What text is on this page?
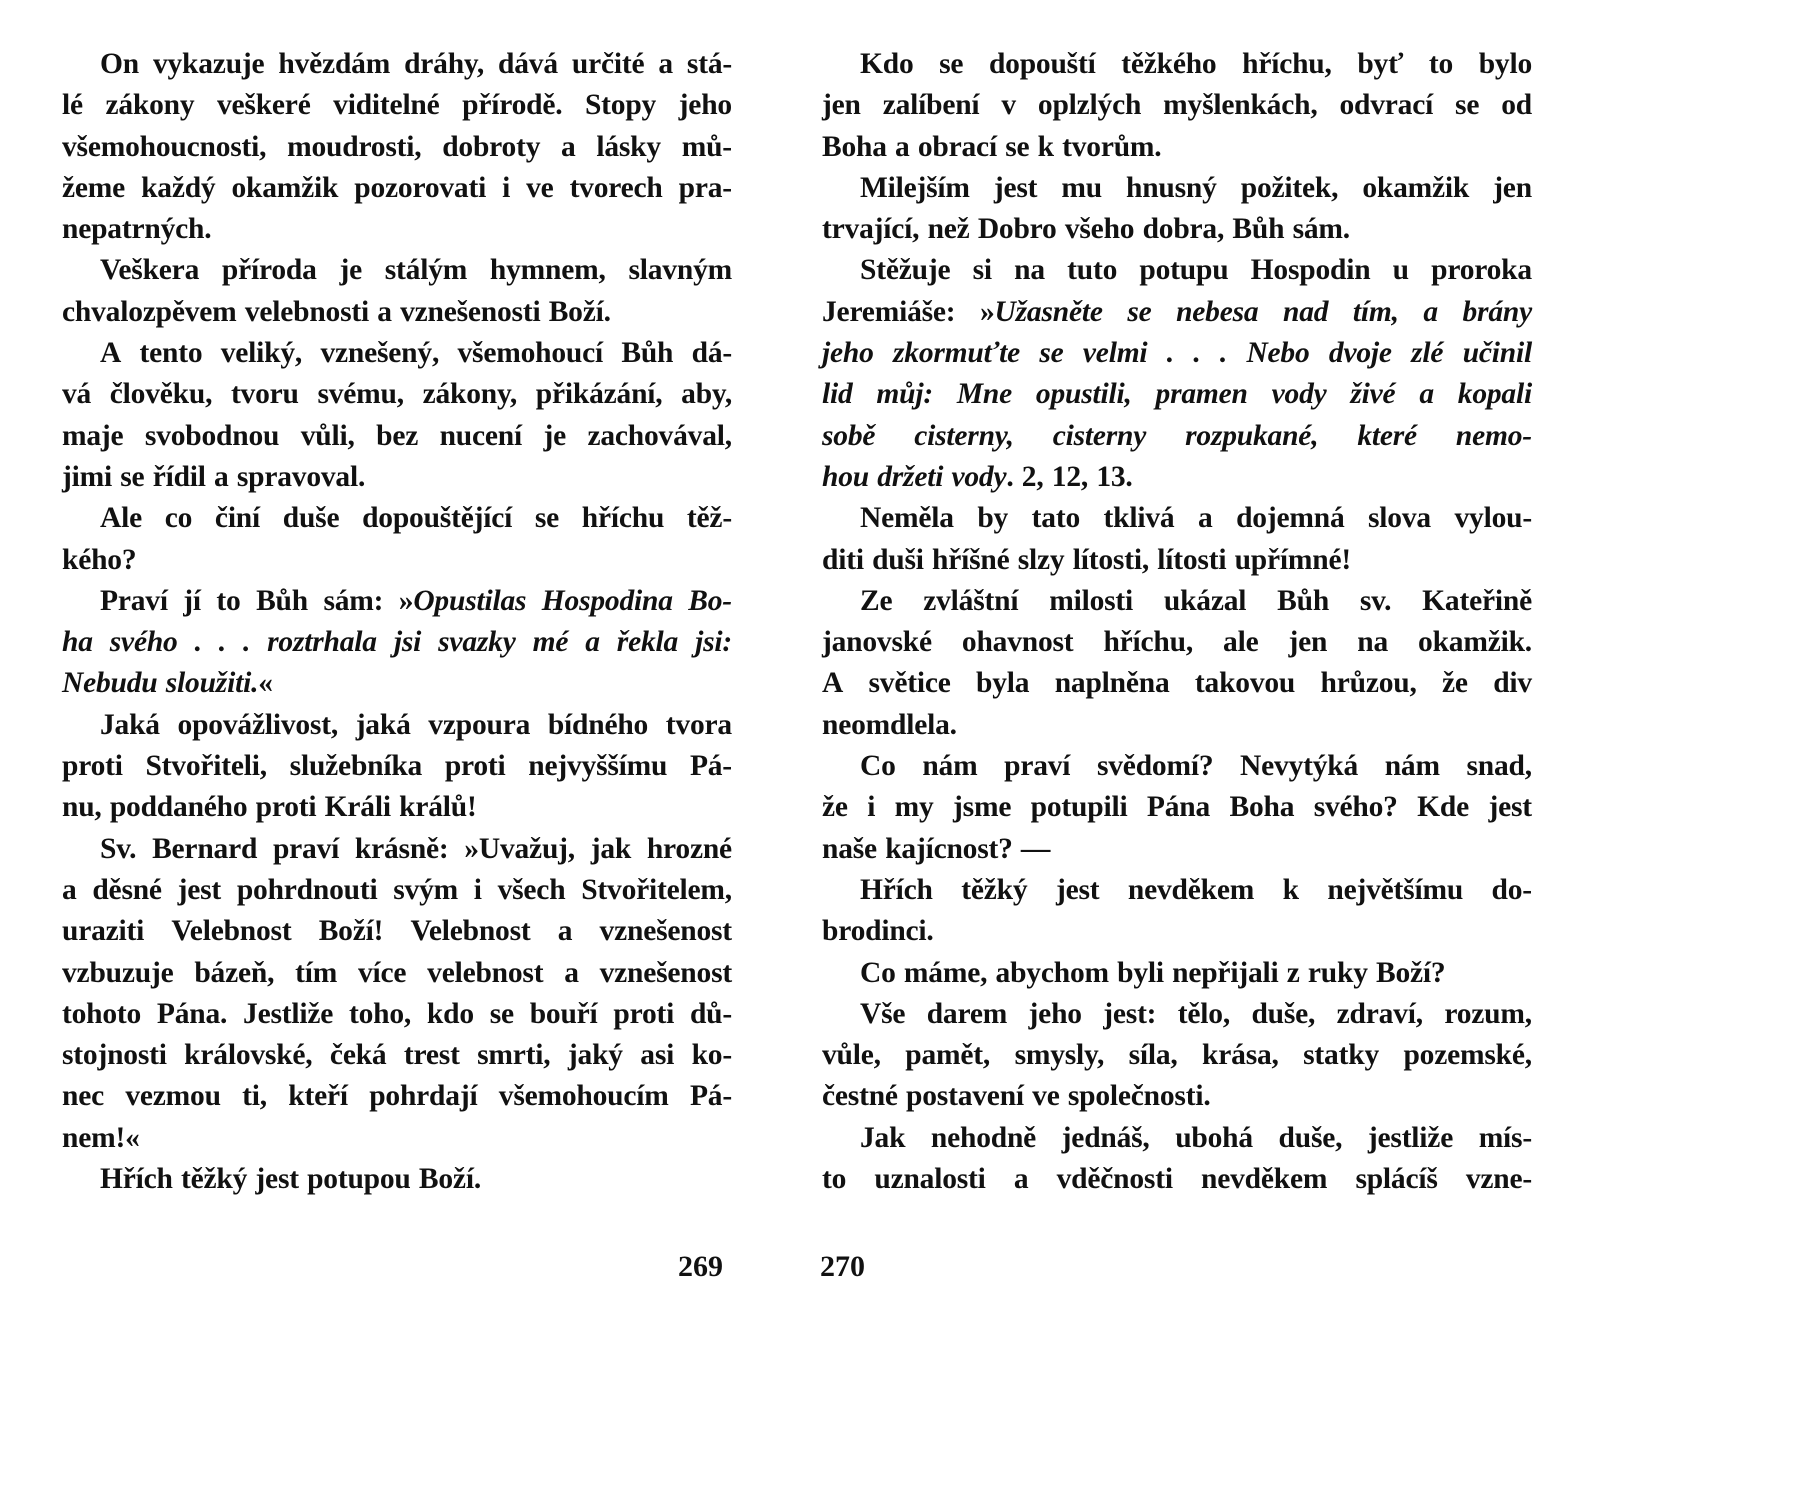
On vykazuje hvězdám dráhy, dává určité a stá-
lé zákony veškeré viditelné přírodě. Stopy jeho
všemohoucnosti, moudrosti, dobroty a lásky mů-
žeme každý okamžik pozorovati i ve tvorech pra-
nepatrných.
Veškera příroda je stálým hymnem, slavným
chvalozpěvem velebnosti a vznešenosti Boží.
A tento veliký, vznešený, všemohoucí Bůh dá-
vá člověku, tvoru svému, zákony, přikázání, aby,
maje svobodnou vůli, bez nucení je zachovával,
jimi se řídil a spravoval.
Ale co činí duše dopouštějící se hříchu těž-
kého?
Praví jí to Bůh sám: »Opustilas Hospodina Bo-
ha svého . . . roztrhala jsi svazky mé a řekla jsi:
Nebudu sloužiti.«
Jaká opovážlivost, jaká vzpoura bídného tvora
proti Stvořiteli, služebníka proti nejvyššímu Pá-
nu, poddaného proti Králi králů!
Sv. Bernard praví krásně: »Uvažuj, jak hrozné
a děsné jest pohrdnouti svým i všech Stvořitelem,
uraziti Velebnost Boží! Velebnost a vznešenost
vzbuzuje bázeň, tím více velebnost a vznešenost
tohoto Pána. Jestliže toho, kdo se bouří proti dů-
stojnosti královské, čeká trest smrti, jaký asi ko-
nec vezmou ti, kteří pohrdají všemohoucím Pá-
nem!«
Hřích těžký jest potupou Boží.
Kdo se dopouští těžkého hříchu, byť to bylo
jen zalíbení v oplzlých myšlenkách, odvrací se od
Boha a obrací se k tvorům.
Milejším jest mu hnusný požitek, okamžik jen
trvající, než Dobro všeho dobra, Bůh sám.
Stěžuje si na tuto potupu Hospodin u proroka
Jeremiáše: »Užasněte se nebesa nad tím, a brány
jeho zkormuťte se velmi . . . Nebo dvoje zlé učinil
lid můj: Mne opustili, pramen vody živé a kopali
sobě cisterny, cisterny rozpukané, které nemo-
hou držeti vody. 2, 12, 13.
Neměla by tato tklivá a dojemná slova vylou-
diti duši hříšné slzy lítosti, lítosti upřímné!
Ze zvláštní milosti ukázal Bůh sv. Kateřině
janovské ohavnost hříchu, ale jen na okamžik.
A světice byla naplněna takovou hrůzou, že div
neomdlela.
Co nám praví svědomí? Nevytýká nám snad,
že i my jsme potupili Pána Boha svého? Kde jest
naše kajícnost? —
Hřích těžký jest nevděkem k největšímu do-
brodinci.
Co máme, abychom byli nepřijali z ruky Boží?
Vše darem jeho jest: tělo, duše, zdraví, rozum,
vůle, pamět, smysly, síla, krása, statky pozemské,
čestné postavení ve společnosti.
Jak nehodně jednáš, ubohá duše, jestliže mís-
to uznalosti a vděčnosti nevděkem splácíš vzne-
269	270
